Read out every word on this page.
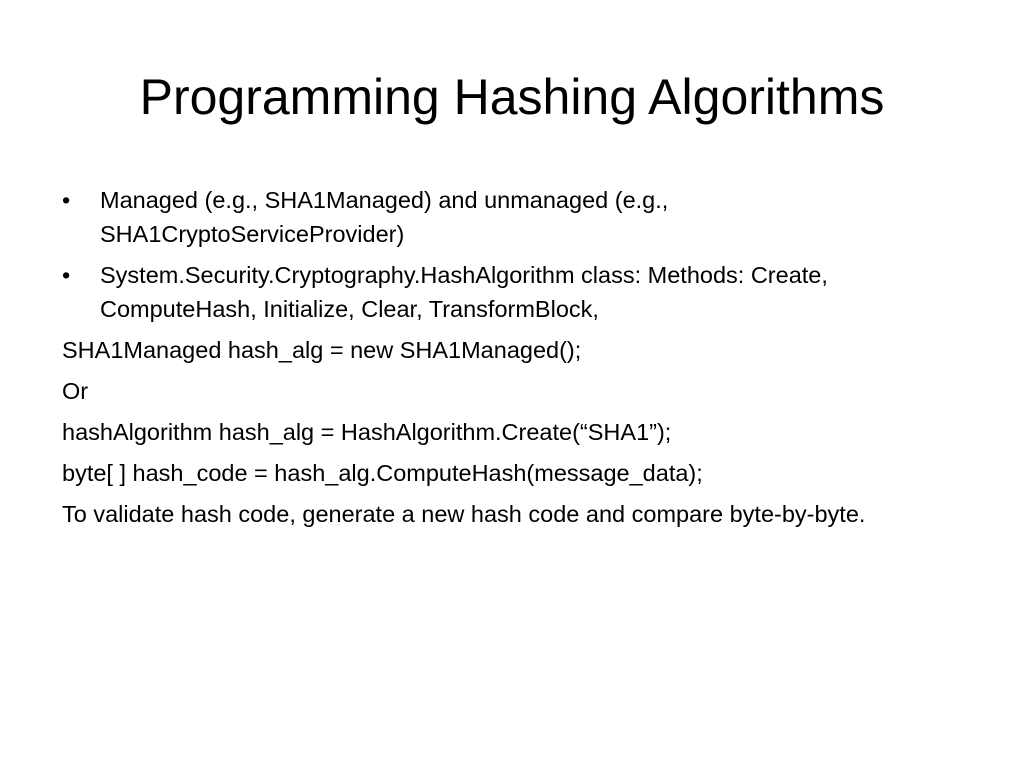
Programming Hashing Algorithms
•	Managed (e.g., SHA1Managed) and unmanaged (e.g., SHA1CryptoServiceProvider)
•	System.Security.Cryptography.HashAlgorithm class: Methods: Create, ComputeHash, Initialize, Clear, TransformBlock,
SHA1Managed hash_alg = new SHA1Managed();
Or
hashAlgorithm hash_alg = HashAlgorithm.Create(“SHA1”);
byte[ ] hash_code = hash_alg.ComputeHash(message_data);
To validate hash code, generate a new hash code and compare byte-by-byte.
